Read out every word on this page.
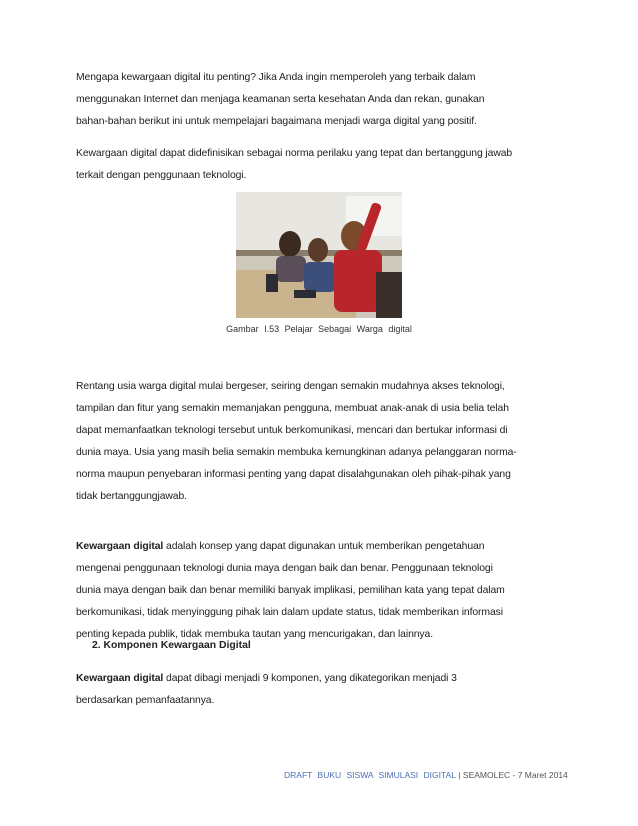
Mengapa kewargaan digital itu penting? Jika Anda ingin memperoleh yang terbaik dalam
menggunakan Internet dan menjaga keamanan serta kesehatan Anda dan rekan, gunakan
bahan-bahan berikut ini untuk mempelajari bagaimana menjadi warga digital yang positif.
Kewargaan digital dapat didefinisikan sebagai norma perilaku yang tepat dan bertanggung jawab
terkait dengan penggunaan teknologi.
Gambar I.53 Pelajar Sebagai Warga digital
Rentang usia warga digital mulai bergeser, seiring dengan semakin mudahnya akses teknologi,
tampilan dan fitur yang semakin memanjakan pengguna, membuat anak-anak di usia belia telah
dapat memanfaatkan teknologi tersebut untuk berkomunikasi, mencari dan bertukar informasi di
dunia maya. Usia yang masih belia semakin membuka kemungkinan adanya pelanggaran norma-
norma maupun penyebaran informasi penting yang dapat disalahgunakan oleh pihak-pihak yang
tidak bertanggungjawab.
Kewargaan digital adalah konsep yang dapat digunakan untuk memberikan pengetahuan
mengenai penggunaan teknologi dunia maya dengan baik dan benar. Penggunaan teknologi
dunia maya dengan baik dan benar memiliki banyak implikasi, pemilihan kata yang tepat dalam
berkomunikasi, tidak menyinggung pihak lain dalam update status, tidak memberikan informasi
penting kepada publik, tidak membuka tautan yang mencurigakan, dan lainnya.
2. Komponen Kewargaan Digital
Kewargaan digital dapat dibagi menjadi 9 komponen, yang dikategorikan menjadi 3
berdasarkan pemanfaatannya.
DRAFT BUKU SISWA SIMULASI DIGITAL | SEAMOLEC - 7 Maret 2014
